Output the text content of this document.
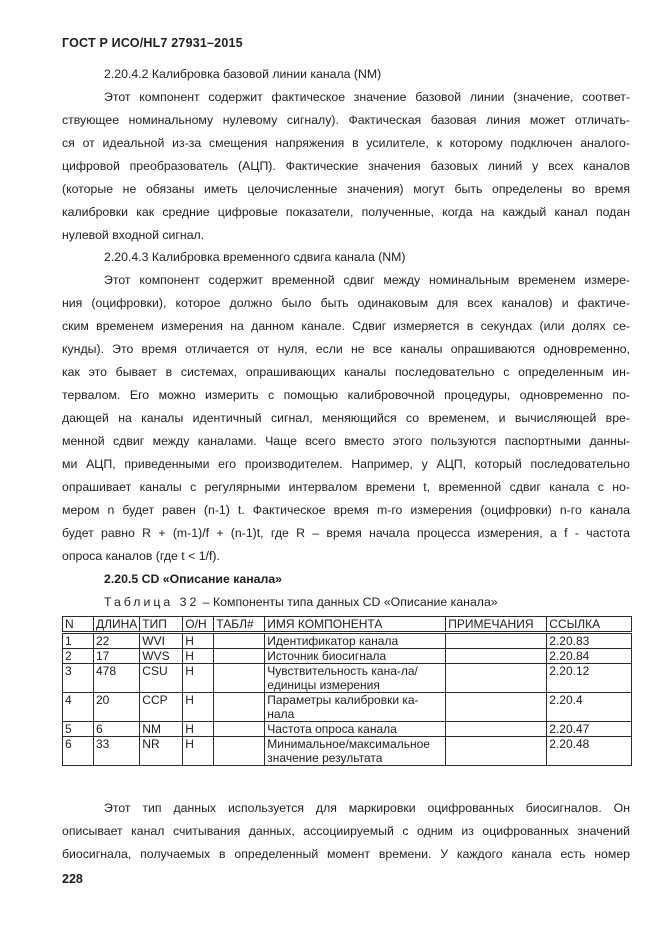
ГОСТ Р ИСО/HL7 27931–2015
2.20.4.2 Калибровка базовой линии канала (NM)
Этот компонент содержит фактическое значение базовой линии (значение, соответ-
ствующее номинальному нулевому сигналу). Фактическая базовая линия может отличать-
ся от идеальной из-за смещения напряжения в усилителе, к которому подключен аналого-
цифровой преобразователь (АЦП). Фактические значения базовых линий у всех каналов
(которые не обязаны иметь целочисленные значения) могут быть определены во время
калибровки как средние цифровые показатели, полученные, когда на каждый канал подан
нулевой входной сигнал.
2.20.4.3 Калибровка временного сдвига канала (NM)
Этот компонент содержит временной сдвиг между номинальным временем измере-
ния (оцифровки), которое должно было быть одинаковым для всех каналов) и фактиче-
ским временем измерения на данном канале. Сдвиг измеряется в секундах (или долях се-
кунды). Это время отличается от нуля, если не все каналы опрашиваются одновременно,
как это бывает в системах, опрашивающих каналы последовательно с определенным ин-
тервалом. Его можно измерить с помощью калибровочной процедуры, одновременно по-
дающей на каналы идентичный сигнал, меняющийся со временем, и вычисляющей вре-
менной сдвиг между каналами. Чаще всего вместо этого пользуются паспортными данны-
ми АЦП, приведенными его производителем. Например, у АЦП, который последовательно
опрашивает каналы с регулярными интервалом времени t, временной сдвиг канала с но-
мером n будет равен (n-1) t. Фактическое время m-го измерения (оцифровки) n-го канала
будет равно R + (m-1)/f + (n-1)t, где R – время начала процесса измерения, а f - частота
опроса каналов (где t < 1/f).
2.20.5 CD «Описание канала»
Таблица 32 – Компоненты типа данных CD «Описание канала»
N	ДЛИНА	ТИП	О/Н	ТАБЛ#	ИМЯ КОМПОНЕНТА	ПРИМЕЧАНИЯ	ССЫЛКА
1	22	WVI	Н		Идентификатор канала		2.20.83
2	17	WVS	Н		Источник биосигнала		2.20.84
3	478	CSU	Н		Чувствительность кана-ла/единицы измерения		2.20.12
4	20	CCP	Н		Параметры калибровки ка-нала		2.20.4
5	6	NM	Н		Частота опроса канала		2.20.47
6	33	NR	Н		Минимальное/максимальное значение результата		2.20.48
Этот тип данных используется для маркировки оцифрованных биосигналов. Он
описывает канал считывания данных, ассоциируемый с одним из оцифрованных значений
биосигнала, получаемых в определенный момент времени. У каждого канала есть номер
228
